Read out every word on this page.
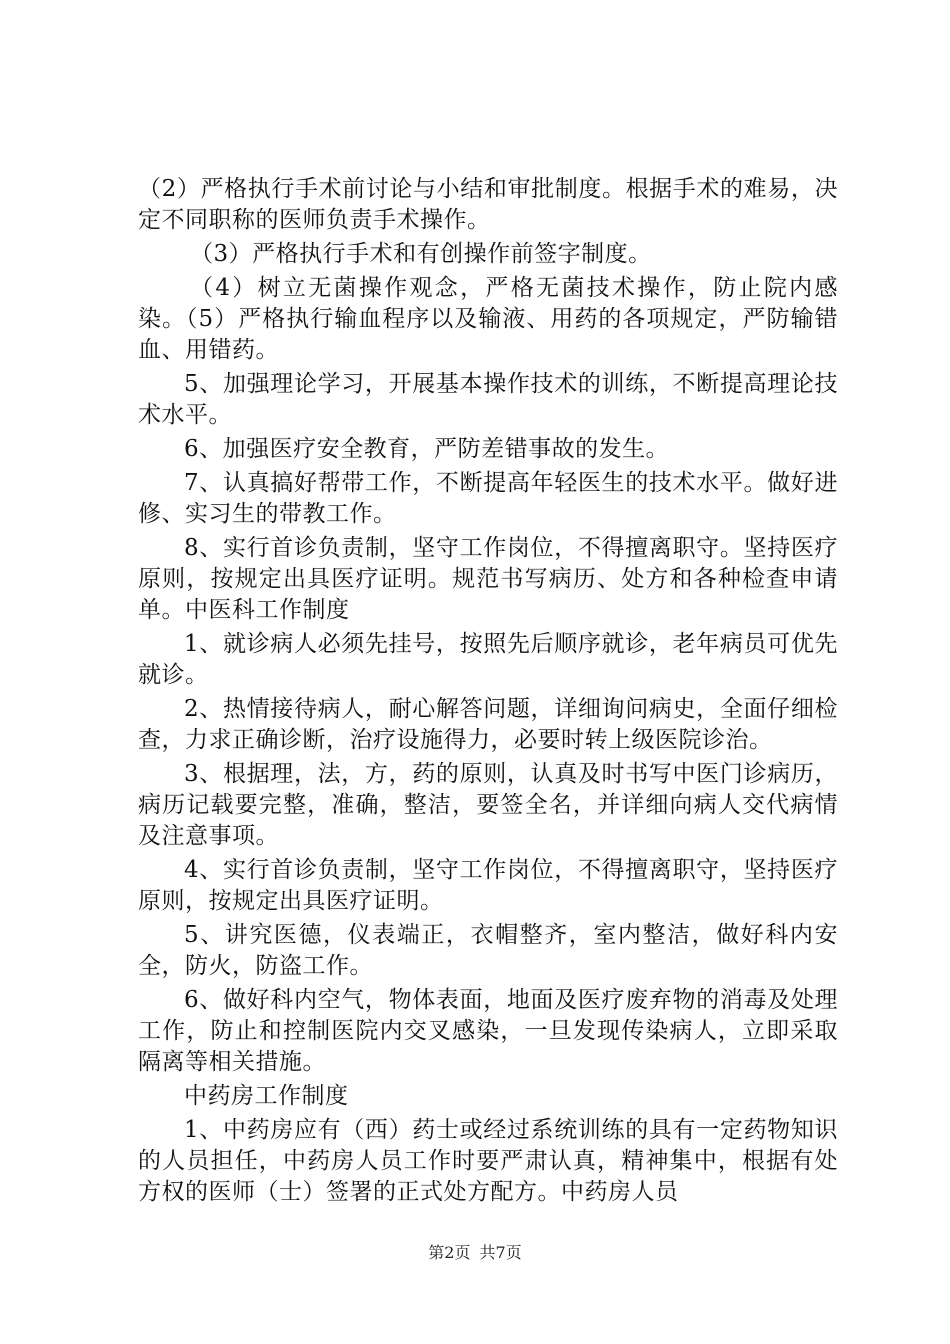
（2）严格执行手术前讨论与小结和审批制度。根据手术的难易，决定不同职称的医师负责手术操作。

（3）严格执行手术和有创操作前签字制度。

（4）树立无菌操作观念，严格无菌技术操作，防止院内感染。（5）严格执行输血程序以及输液、用药的各项规定，严防输错血、用错药。

5、加强理论学习，开展基本操作技术的训练，不断提高理论技术水平。

6、加强医疗安全教育，严防差错事故的发生。

7、认真搞好帮带工作，不断提高年轻医生的技术水平。做好进修、实习生的带教工作。

8、实行首诊负责制，坚守工作岗位，不得擅离职守。坚持医疗原则，按规定出具医疗证明。规范书写病历、处方和各种检查申请单。中医科工作制度

1、就诊病人必须先挂号，按照先后顺序就诊，老年病员可优先就诊。

2、热情接待病人，耐心解答问题，详细询问病史，全面仔细检查，力求正确诊断，治疗设施得力，必要时转上级医院诊治。

3、根据理，法，方，药的原则，认真及时书写中医门诊病历，病历记载要完整，准确，整洁，要签全名，并详细向病人交代病情及注意事项。

4、实行首诊负责制，坚守工作岗位，不得擅离职守，坚持医疗原则，按规定出具医疗证明。

5、讲究医德，仪表端正，衣帽整齐，室内整洁，做好科内安全，防火，防盗工作。

6、做好科内空气，物体表面，地面及医疗废弃物的消毒及处理工作，防止和控制医院内交叉感染，一旦发现传染病人，立即采取隔离等相关措施。

中药房工作制度

1、中药房应有（西）药士或经过系统训练的具有一定药物知识的人员担任，中药房人员工作时要严肃认真，精神集中，根据有处方权的医师（士）签署的正式处方配方。中药房人员

第2页 共7页
